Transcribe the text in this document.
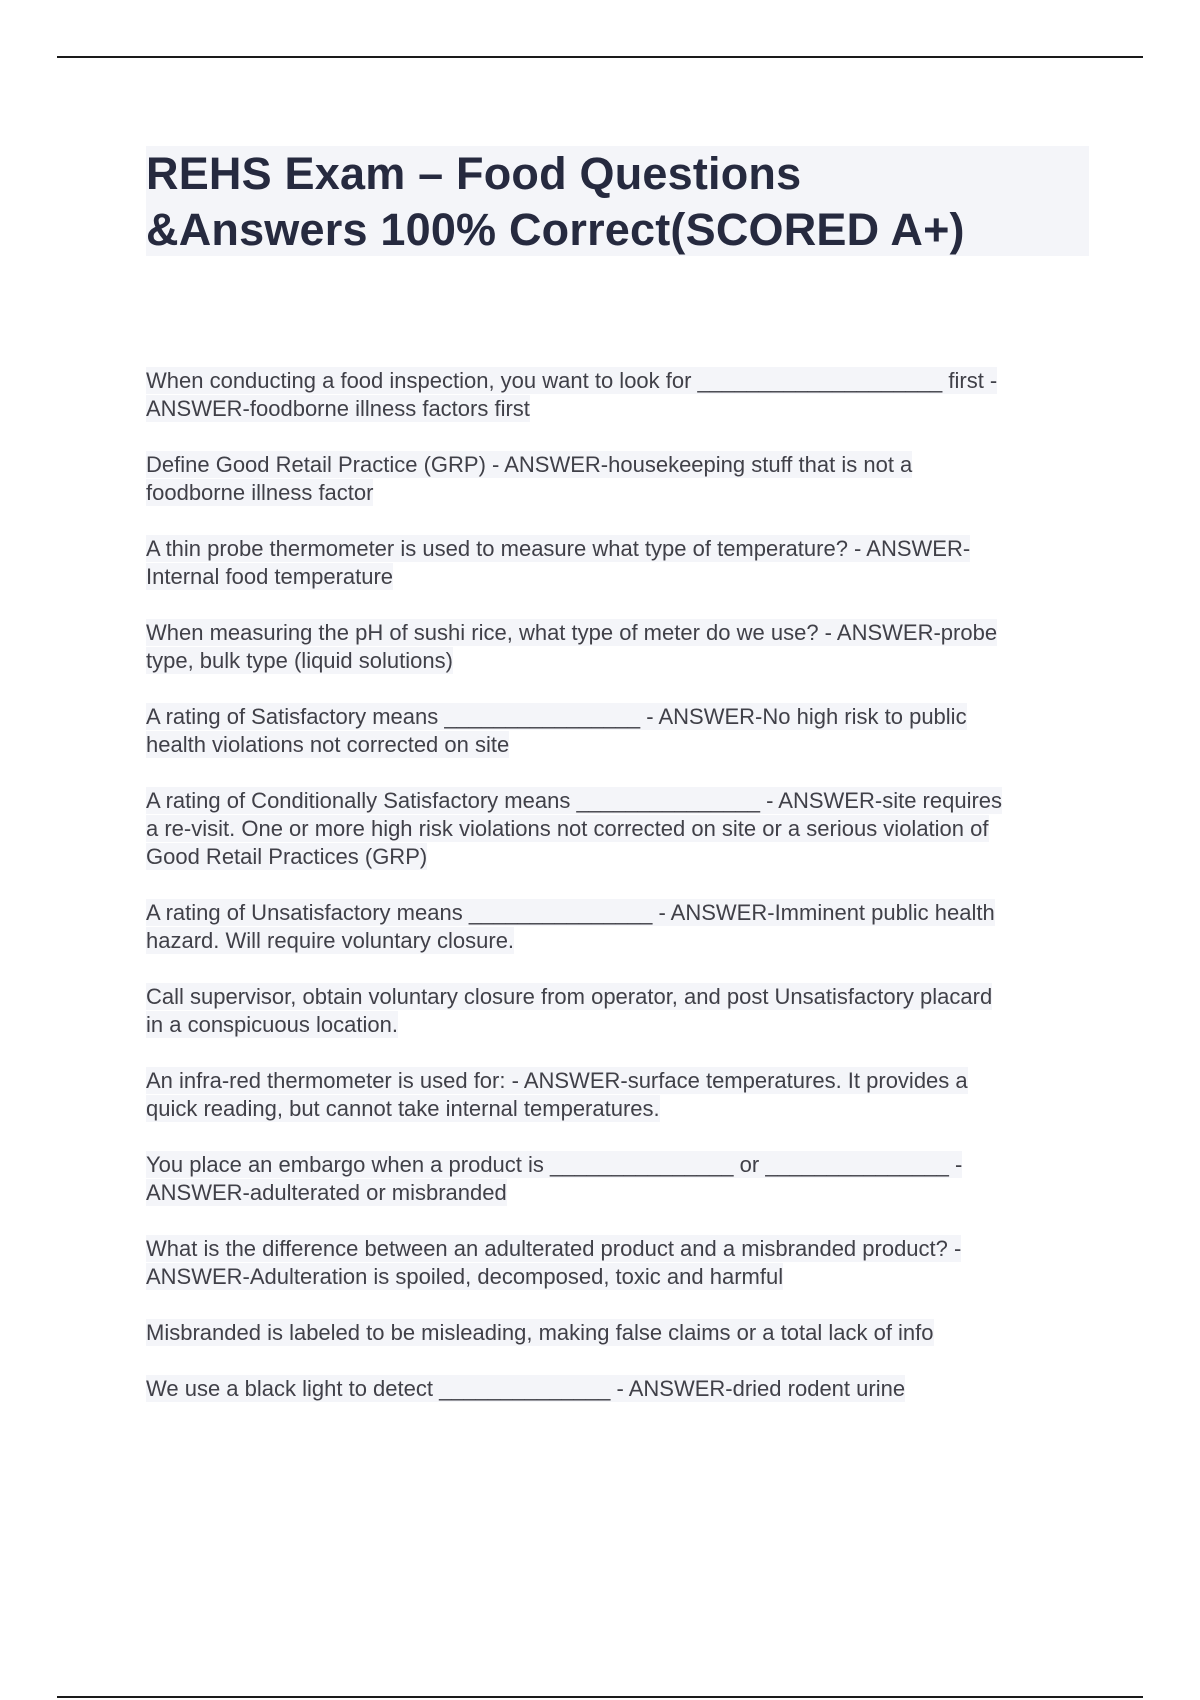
REHS Exam – Food Questions
&Answers 100% Correct(SCORED A+)

When conducting a food inspection, you want to look for ____________________ first -
ANSWER-foodborne illness factors first

Define Good Retail Practice (GRP) - ANSWER-housekeeping stuff that is not a
foodborne illness factor

A thin probe thermometer is used to measure what type of temperature? - ANSWER-
Internal food temperature

When measuring the pH of sushi rice, what type of meter do we use? - ANSWER-probe
type, bulk type (liquid solutions)

A rating of Satisfactory means ________________ - ANSWER-No high risk to public
health violations not corrected on site

A rating of Conditionally Satisfactory means _______________ - ANSWER-site requires
a re-visit. One or more high risk violations not corrected on site or a serious violation of
Good Retail Practices (GRP)

A rating of Unsatisfactory means _______________ - ANSWER-Imminent public health
hazard. Will require voluntary closure.

Call supervisor, obtain voluntary closure from operator, and post Unsatisfactory placard
in a conspicuous location.

An infra-red thermometer is used for: - ANSWER-surface temperatures. It provides a
quick reading, but cannot take internal temperatures.

You place an embargo when a product is _______________ or _______________ -
ANSWER-adulterated or misbranded

What is the difference between an adulterated product and a misbranded product? -
ANSWER-Adulteration is spoiled, decomposed, toxic and harmful

Misbranded is labeled to be misleading, making false claims or a total lack of info

We use a black light to detect ______________ - ANSWER-dried rodent urine
